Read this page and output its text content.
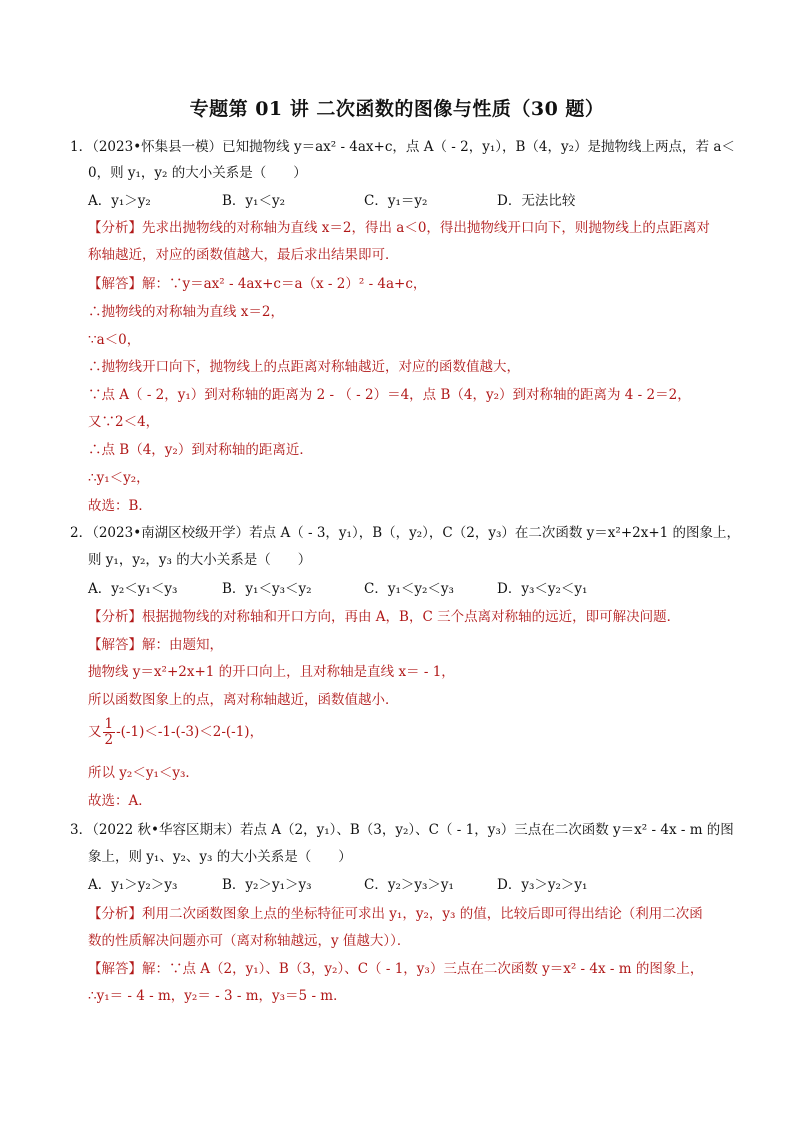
专题第 01 讲 二次函数的图像与性质（30 题）
1．（2023•怀集县一模）已知抛物线 y＝ax² - 4ax+c，点 A（ - 2，y₁），B（4，y₂）是抛物线上两点，若 a＜
0，则 y₁，y₂ 的大小关系是（　　）
A．y₁＞y₂	B．y₁＜y₂	C．y₁＝y₂	D．无法比较
【分析】先求出抛物线的对称轴为直线 x＝2，得出 a＜0，得出抛物线开口向下，则抛物线上的点距离对
称轴越近，对应的函数值越大，最后求出结果即可．
【解答】解：∵y＝ax² - 4ax+c＝a（x - 2）² - 4a+c，
∴抛物线的对称轴为直线 x＝2，
∵a＜0，
∴抛物线开口向下，抛物线上的点距离对称轴越近，对应的函数值越大，
∵点 A（ - 2，y₁）到对称轴的距离为 2 - （ - 2）＝4，点 B（4，y₂）到对称轴的距离为 4 - 2＝2，
又∵2＜4，
∴点 B（4，y₂）到对称轴的距离近．
∴y₁＜y₂，
故选：B．
2．（2023•南湖区校级开学）若点 A（ - 3，y₁），B（，y₂），C（2，y₃）在二次函数 y＝x²+2x+1 的图象上，
则 y₁，y₂，y₃ 的大小关系是（　　）
A．y₂＜y₁＜y₃	B．y₁＜y₃＜y₂	C．y₁＜y₂＜y₃	D．y₃＜y₂＜y₁
【分析】根据抛物线的对称轴和开口方向，再由 A，B，C 三个点离对称轴的远近，即可解决问题．
【解答】解：由题知，
抛物线 y＝x²+2x+1 的开口向上，且对称轴是直线 x＝ - 1，
所以函数图象上的点，离对称轴越近，函数值越小．
又 $\frac{1}{2} -(-1)<-1-(-3)<2-(-1)$，
所以 y₂＜y₁＜y₃．
故选：A．
3．（2022 秋•华容区期末）若点 A（2，y₁）、B（3，y₂）、C（ - 1，y₃）三点在二次函数 y＝x² - 4x - m 的图
象上，则 y₁、y₂、y₃ 的大小关系是（　　）
A．y₁＞y₂＞y₃	B．y₂＞y₁＞y₃	C．y₂＞y₃＞y₁	D．y₃＞y₂＞y₁
【分析】利用二次函数图象上点的坐标特征可求出 y₁，y₂，y₃ 的值，比较后即可得出结论（利用二次函
数的性质解决问题亦可（离对称轴越远，y 值越大））．
【解答】解：∵点 A（2，y₁）、B（3，y₂）、C（ - 1，y₃）三点在二次函数 y＝x² - 4x - m 的图象上，
∴y₁＝ - 4 - m，y₂＝ - 3 - m，y₃＝5 - m．
